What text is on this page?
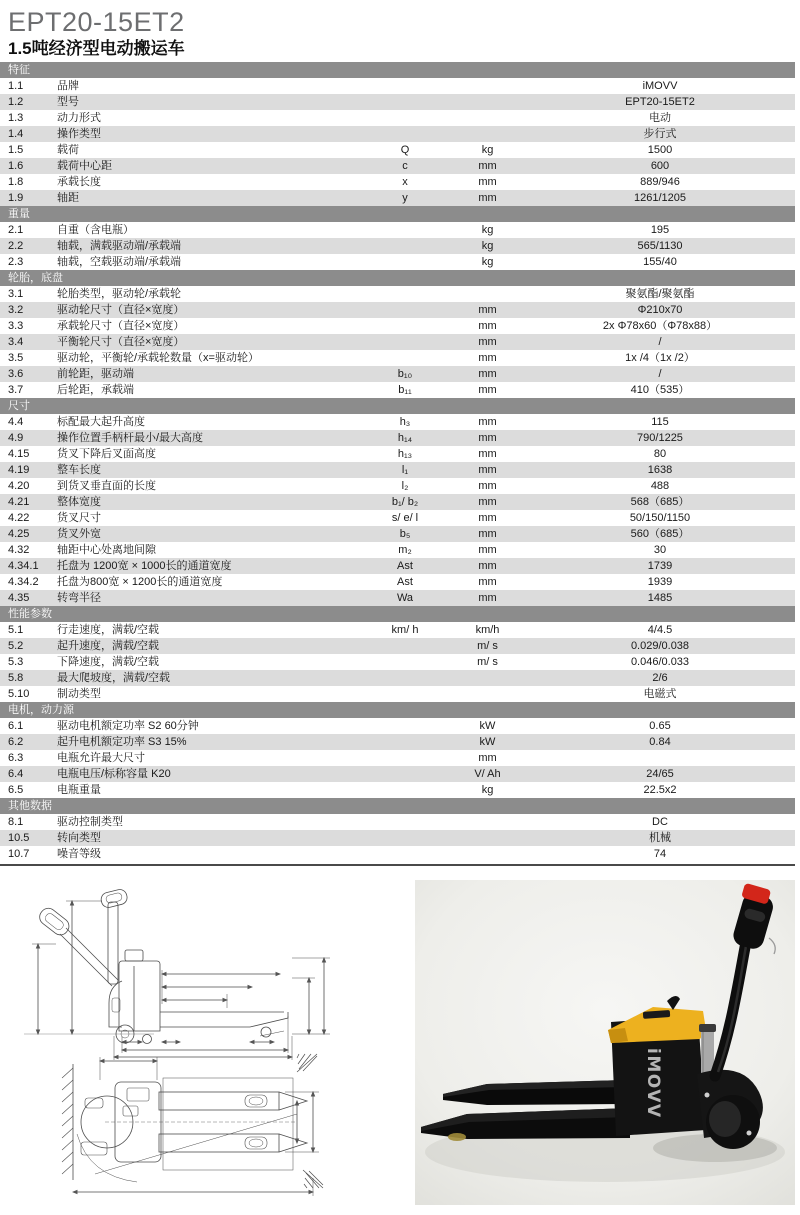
EPT20-15ET2
1.5吨经济型电动搬运车
特征
1.1	品牌	iMOVV
1.2	型号	EPT20-15ET2
1.3	动力形式	电动
1.4	操作类型	步行式
1.5	载荷	Q	kg	1500
1.6	载荷中心距	c	mm	600
1.8	承载长度	x	mm	889/946
1.9	轴距	y	mm	1261/1205
重量
2.1	自重（含电瓶）	kg	195
2.2	轴载，满载驱动端/承载端	kg	565/1130
2.3	轴载，空载驱动端/承载端	kg	155/40
轮胎，底盘
3.1	轮胎类型，驱动轮/承载轮	聚氨酯/聚氨酯
3.2	驱动轮尺寸（直径×宽度）	mm	Φ210x70
3.3	承载轮尺寸（直径×宽度）	mm	2x Φ78x60（Φ78x88）
3.4	平衡轮尺寸（直径×宽度）	mm	/
3.5	驱动轮，平衡轮/承载轮数量（x=驱动轮）	mm	1x /4（1x /2）
3.6	前轮距，驱动端	b₁₀	mm	/
3.7	后轮距，承载端	b₁₁	mm	410（535）
尺寸
4.4	标配最大起升高度	h₃	mm	115
4.9	操作位置手柄杆最小/最大高度	h₁₄	mm	790/1225
4.15	货叉下降后叉面高度	h₁₃	mm	80
4.19	整车长度	l₁	mm	1638
4.20	到货叉垂直面的长度	l₂	mm	488
4.21	整体宽度	b₁/ b₂	mm	568（685）
4.22	货叉尺寸	s/ e/ l	mm	50/150/1150
4.25	货叉外宽	b₅	mm	560（685）
4.32	轴距中心处离地间隙	m₂	mm	30
4.34.1	托盘为 1200宽 × 1000长的通道宽度	Ast	mm	1739
4.34.2	托盘为800宽 × 1200长的通道宽度	Ast	mm	1939
4.35	转弯半径	Wa	mm	1485
性能参数
5.1	行走速度，满载/空载	km/ h	km/h	4/4.5
5.2	起升速度，满载/空载	m/ s	0.029/0.038
5.3	下降速度，满载/空载	m/ s	0.046/0.033
5.8	最大爬坡度，满载/空载	2/6
5.10	制动类型	电磁式
电机，动力源
6.1	驱动电机额定功率 S2 60分钟	kW	0.65
6.2	起升电机额定功率 S3 15%	kW	0.84
6.3	电瓶允许最大尺寸	mm
6.4	电瓶电压/标称容量 K20	V/ Ah	24/65
6.5	电瓶重量	kg	22.5x2
其他数据
8.1	驱动控制类型	DC
10.5	转向类型	机械
10.7	噪音等级	74
iMOVV
